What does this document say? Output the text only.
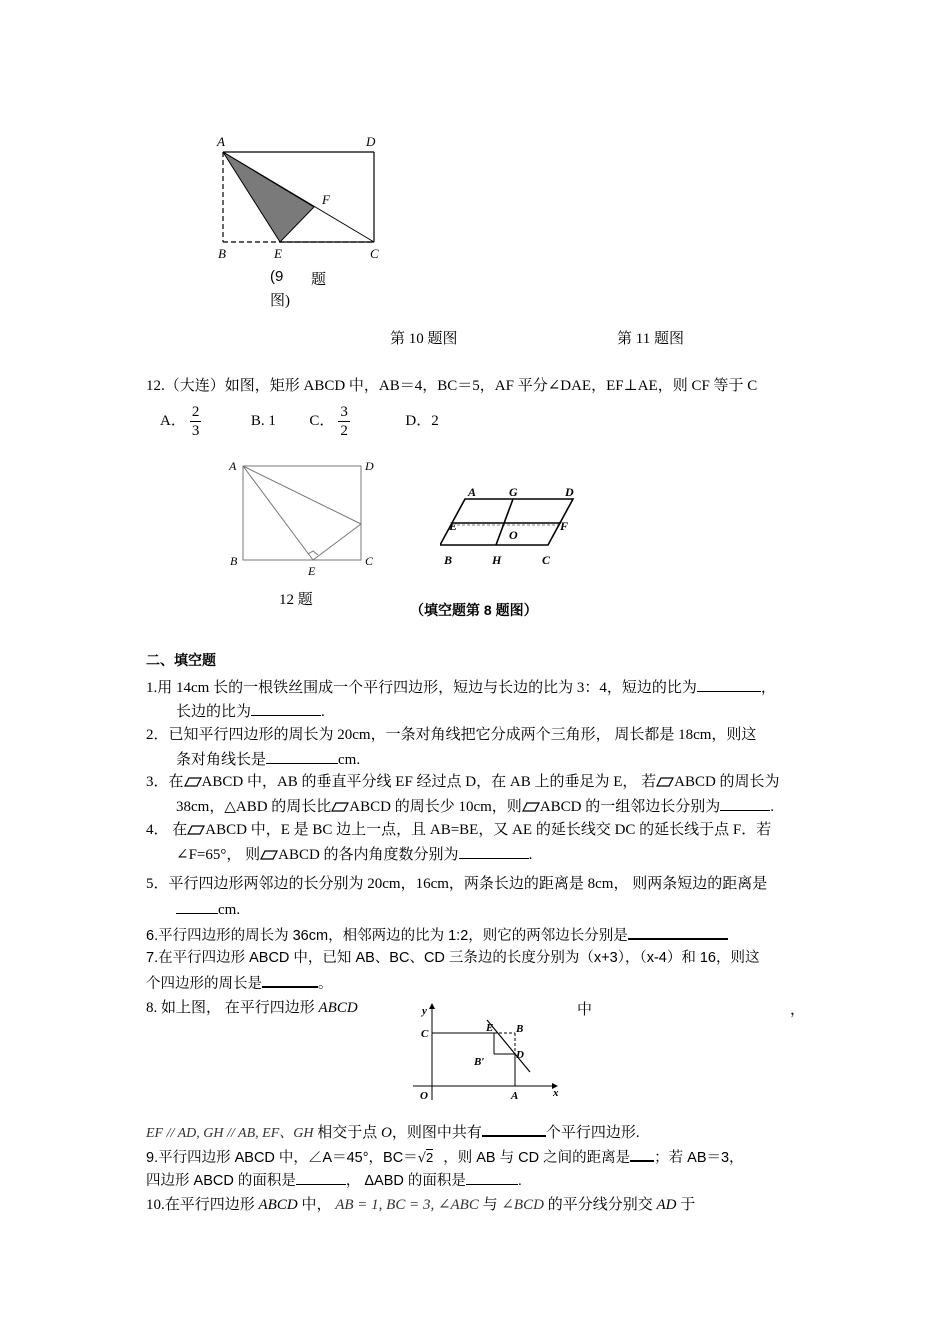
A	D
F
B	E	C
(9 题
图)
第 10 题图	第 11 题图
12.（大连）如图，矩形 ABCD 中，AB＝4，BC＝5，AF 平分∠DAE，EF⊥AE，则 CF 等于 C
A． $\frac{2}{3}$	B. 1 C． $\frac{3}{2}$	D．2
A	D
B
E
C
12 题
A	G	D
E	F
O
B	H	C
（填空题第 8 题图）
二、填空题
1.用 14cm 长的一根铁丝围成一个平行四边形，短边与长边的比为 3：4，短边的比为	，
长边的比为	.
2．已知平行四边形的周长为 20cm，一条对角线把它分成两个三角形， 周长都是 18cm，则这
条对角线长是	cm.
3．在 ABCD 中，AB 的垂直平分线 EF 经过点 D，在 AB 上的垂足为 E， 若 ABCD 的周长为
38cm，△ABD 的周长比 ABCD 的周长少 10cm，则 ABCD 的一组邻边长分别为	.
4． 在 ABCD 中，E 是 BC 边上一点，且 AB=BE，又 AE 的延长线交 DC 的延长线于点 F．若
∠F=65°， 则 ABCD 的各内角度数分别为	.
5．平行四边形两邻边的长分别为 20cm，16cm，两条长边的距离是 8cm， 则两条短边的距离是
cm.
6.平行四边形的周长为 36cm，相邻两边的比为 1:2，则它的两邻边长分别是
7.在平行四边形 ABCD 中，已知 AB、BC、CD 三条边的长度分别为（x+3），（x-4）和 16，则这
个四边形的周长是	。
8. 如上图， 在平行四边形 ABCD	中	，
y
C	E B
B′
D
O	A	x
EF // AD, GH // AB, EF、GH 相交于点 O，则图中共有	个平行四边形.
9.平行四边形 ABCD 中，∠A＝45°，BC＝√2 ，则 AB 与 CD 之间的距离是 ；若 AB＝3，
四边形 ABCD 的面积是	， ΔABD 的面积是	.
10.在平行四边形 ABCD 中， AB = 1, BC = 3, ∠ABC 与 ∠BCD 的平分线分别交 AD 于
